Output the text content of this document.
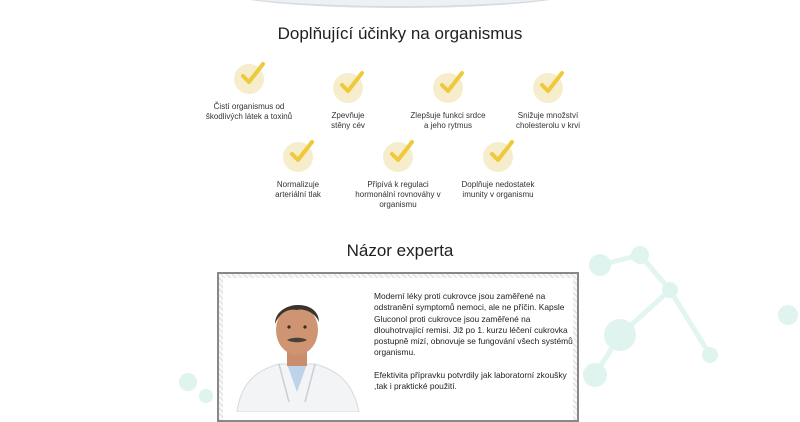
Doplňující účinky na organismus
Čistí organismus od škodlivých látek a toxinů	Zpevňuje stěny cév
Zlepšuje funkci srdce a jeho rytmus
Snižuje množství cholesterolu v krvi
Normalizuje arteriální tlak
Připívá k regulaci hormonální rovnováhy v organismu
Doplňuje nedostatek imunity v organismu
Názor experta

Moderní léky proti cukrovce jsou zaměřené na odstranění symptomů nemoci, ale ne příčin. Kapsle Gluconol proti cukrovce jsou zaměřené na dlouhotrvající remisi. Již po 1. kurzu léčení cukrovka postupně mizí, obnovuje se fungování všech systémů organismu.

Efektivita přípravku potvrdily jak laboratorní zkoušky ,tak i praktické použití.
